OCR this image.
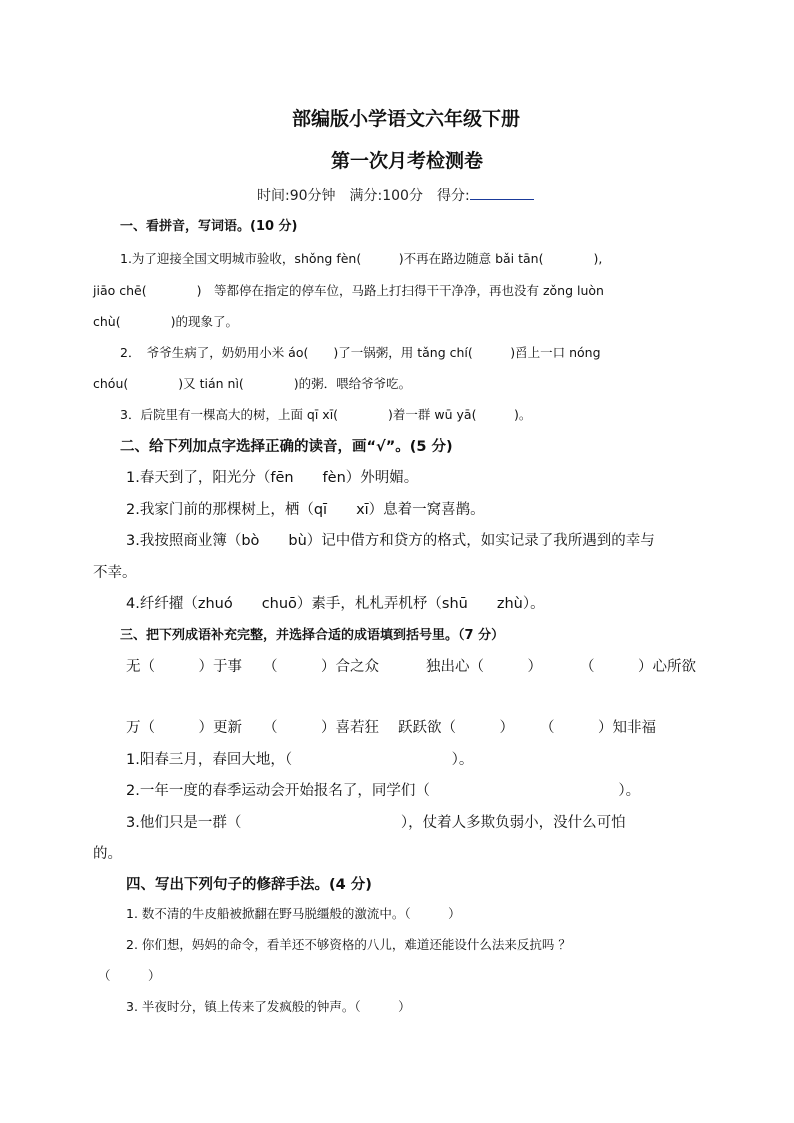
部编版小学语文六年级下册
第一次月考检测卷
时间:90分钟　满分:100分　得分:
一、看拼音，写词语。(10 分)
1.为了迎接全国文明城市验收，shǒng fèn(　　　)不再在路边随意 bǎi tān(　　　　),
jiāo chē(　　　　)　等都停在指定的停车位，马路上打扫得干干净净，再也没有 zǒng luòn
chù(　　　　)的现象了。
2．　爷爷生病了，奶奶用小米 áo(　　)了一锅粥，用 tǎng chí(　　　)舀上一口 nóng
chóu(　　　　)又 tián nì(　　　　)的粥．喂给爷爷吃。
3．后院里有一棵高大的树，上面 qī xī(　　　　)着一群 wū yā(　　　)。
二、给下列加点字选择正确的读音，画“√”。(5 分)
1.春天到了，阳光分（fēn　　fèn）外明媚。
2.我家门前的那棵树上，栖（qī　　xī）息着一窝喜鹊。
3.我按照商业簿（bò　　bù）记中借方和贷方的格式，如实记录了我所遇到的幸与
不幸。
4.纤纤擢（zhuó　　chuō）素手，札札弄机杼（shū　　zhù）。
三、把下列成语补充完整，并选择合适的成语填到括号里。（7 分）
无（　　　）于事 （　　　）合之众	独出心（　　　）	（　　　）心所欲
万（　　　）更新 （　　　）喜若狂 跃跃欲（　　　） （　　　）知非福
1.阳春三月，春回大地，（　　　　　　　　　　　）。
2.一年一度的春季运动会开始报名了，同学们（　　　　　　　　　　　　　）。
3.他们只是一群（　　　　　　　　　　　），仗着人多欺负弱小，没什么可怕
的。
四、写出下列句子的修辞手法。(4 分)
1. 数不清的牛皮船被掀翻在野马脱缰般的激流中。（　　　）
2. 你们想，妈妈的命令，看羊还不够资格的八儿，难道还能设什么法来反抗吗 ？
（　　　）
3. 半夜时分，镇上传来了发疯般的钟声。（　　　）
